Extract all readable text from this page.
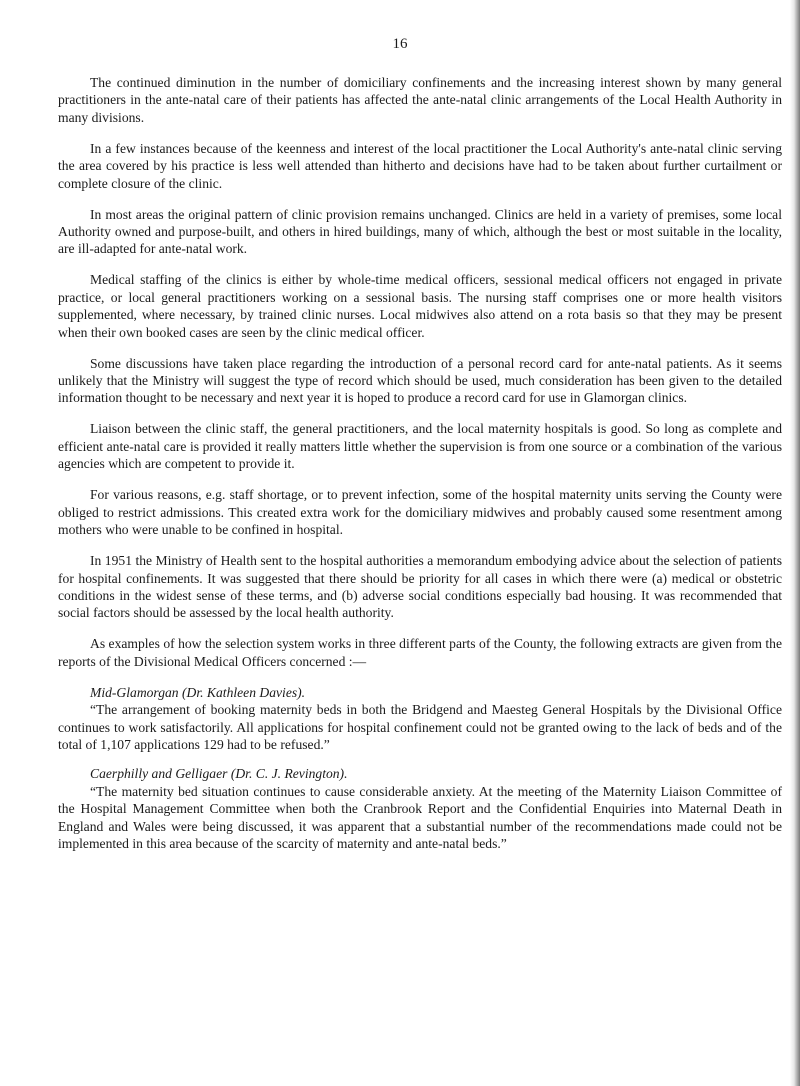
16

The continued diminution in the number of domiciliary confinements and the increasing interest shown by many general practitioners in the ante-natal care of their patients has affected the ante-natal clinic arrangements of the Local Health Authority in many divisions.

In a few instances because of the keenness and interest of the local practitioner the Local Authority's ante-natal clinic serving the area covered by his practice is less well attended than hitherto and decisions have had to be taken about further curtailment or complete closure of the clinic.

In most areas the original pattern of clinic provision remains unchanged. Clinics are held in a variety of premises, some local Authority owned and purpose-built, and others in hired buildings, many of which, although the best or most suitable in the locality, are ill-adapted for ante-natal work.

Medical staffing of the clinics is either by whole-time medical officers, sessional medical officers not engaged in private practice, or local general practitioners working on a sessional basis. The nursing staff comprises one or more health visitors supplemented, where necessary, by trained clinic nurses. Local midwives also attend on a rota basis so that they may be present when their own booked cases are seen by the clinic medical officer.

Some discussions have taken place regarding the introduction of a personal record card for ante-natal patients. As it seems unlikely that the Ministry will suggest the type of record which should be used, much consideration has been given to the detailed information thought to be necessary and next year it is hoped to produce a record card for use in Glamorgan clinics.

Liaison between the clinic staff, the general practitioners, and the local maternity hospitals is good. So long as complete and efficient ante-natal care is provided it really matters little whether the supervision is from one source or a combination of the various agencies which are competent to provide it.

For various reasons, e.g. staff shortage, or to prevent infection, some of the hospital maternity units serving the County were obliged to restrict admissions. This created extra work for the domiciliary midwives and probably caused some resentment among mothers who were unable to be confined in hospital.

In 1951 the Ministry of Health sent to the hospital authorities a memorandum embodying advice about the selection of patients for hospital confinements. It was suggested that there should be priority for all cases in which there were (a) medical or obstetric conditions in the widest sense of these terms, and (b) adverse social conditions especially bad housing. It was recommended that social factors should be assessed by the local health authority.

As examples of how the selection system works in three different parts of the County, the following extracts are given from the reports of the Divisional Medical Officers concerned :—

Mid-Glamorgan (Dr. Kathleen Davies).
“The arrangement of booking maternity beds in both the Bridgend and Maesteg General Hospitals by the Divisional Office continues to work satisfactorily. All applications for hospital confinement could not be granted owing to the lack of beds and of the total of 1,107 applications 129 had to be refused.”
Caerphilly and Gelligaer (Dr. C. J. Revington).
“The maternity bed situation continues to cause considerable anxiety. At the meeting of the Maternity Liaison Committee of the Hospital Management Committee when both the Cranbrook Report and the Confidential Enquiries into Maternal Death in England and Wales were being discussed, it was apparent that a substantial number of the recommendations made could not be implemented in this area because of the scarcity of maternity and ante-natal beds.”
